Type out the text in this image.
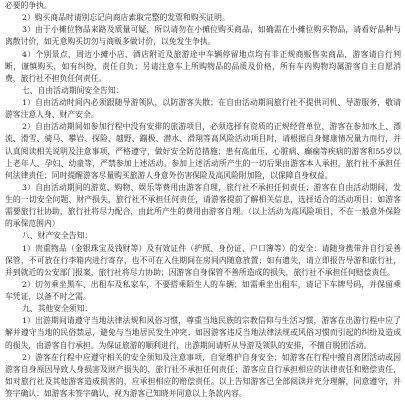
必要的争执。

2）购买商品时请别忘记向商店索取完整的发票和购买证明。

3）由于小摊位物品来路及质量可疑，所以请勿在小摊位购买商品，如确需在小摊位购买物品，请看好品种与离散讨价，如无意购买切勿与商贩多做讨价，以免发生争执。

4）个别景点，周边小摊小店、酒店附近及旅游途中车辆停留地点均有非正规商贩售卖商品，游客请自行判断，谨慎购买，如有纠纷，责任自负；另请注意车上所购物品的品质及价格，所有车内购物均属游客自主自愿消费，旅行社不担负任何责任。

七、自由活动期间安全告知：

1）自由活动时间内必须跟随导游领队，以防游客失散；在自由活动期间旅行社不提供司机、导游服务，敬请游客注意人身、财产安全。

2）自由活动期间如参加行程中没有安排的旅游项目，必须选择有资质的正规经营单位，游客在参加水上、漂流、滑雪、骑马、攀岩、探险、越野、蹦极、潜水、滑翔等高风险活动项目时，请根据自身健康情况量力而行，并认真阅读相关说明及注意事项，严格遵守，做好安全防范措施；患有高血压、心脏病、癫痫等疾病的游客和55岁以上老年人、孕妇、幼童等，严禁参加上述活动。参加上述活动所产生的一切后果由游客本人承担，旅行社不承担任何法律责任；同时提醒游客尽量购买旅游人身意外伤害保险及高风险附加险，以保障自身权益。

3）自由活动期间的游览、购物、娱乐等费用由游客自理，旅行社不承担任何责任；游客在自由活动期间，发生的一切安全问题、财产损失，旅行社不承担任何责任，请游客提前了解相关信息，选择适合的活动项目；如游客需要旅行社协助，旅行社将尽力配合，由此所产生的费用由游客自理。（以上活动为高风险项目，不在一般意外保险的承保范围内）

八、财产安全告知：

1）贵重物品（金银珠宝及钱财等）及有效证件（护照、身份证、户口簿等）的安全：请随身携带并自行妥善保管，不可放在行李箱内进行寄存，也不可在入住期间在房间内随意放置；如有遗失，请立即报告导游和旅行社，并到就近的公安部门报案，旅行社将尽力协助；因游客自身保管不善所造成的损失，旅行社不承担任何赔偿责任。

2）切勿乘坐黑车、出租车及私家车，不要搭乘陌生人的车辆；如需乘坐出租车，请记下车牌号码，并保留乘车凭证，以备不时之需。

九、其他安全须知：

1）出游期间请遵守当地法律法规和风俗习惯，尊重当地民族的宗教信仰与生活习惯，游客在出游行程中应了解并遵守当地的民俗禁忌，避免与当地居民发生冲突；如因游客违反当地法律法规或风俗习惯而引起的纠纷及造成的损失，由游客自行承担。为保证旅游的顺利进行，出游期间请听从导游及领队的安排，不擅自脱团活动。

2）游客在行程中应遵守相关的安全须知及注意事项，自觉维护自身安全；如游客在行程中擅自离团活动或因游客自身原因导致人身损害及财产损失的，旅行社不承担任何责任；游客应自行承担相应的法律责任和赔偿责任，如对旅行社及其他游客造成损害的，应承担相应的赔偿责任。以上告知游客已全部阅读并充分理解，同意遵守，并签字确认：如游客未签字确认，视为游客已知晓并同意以上条款内容。
